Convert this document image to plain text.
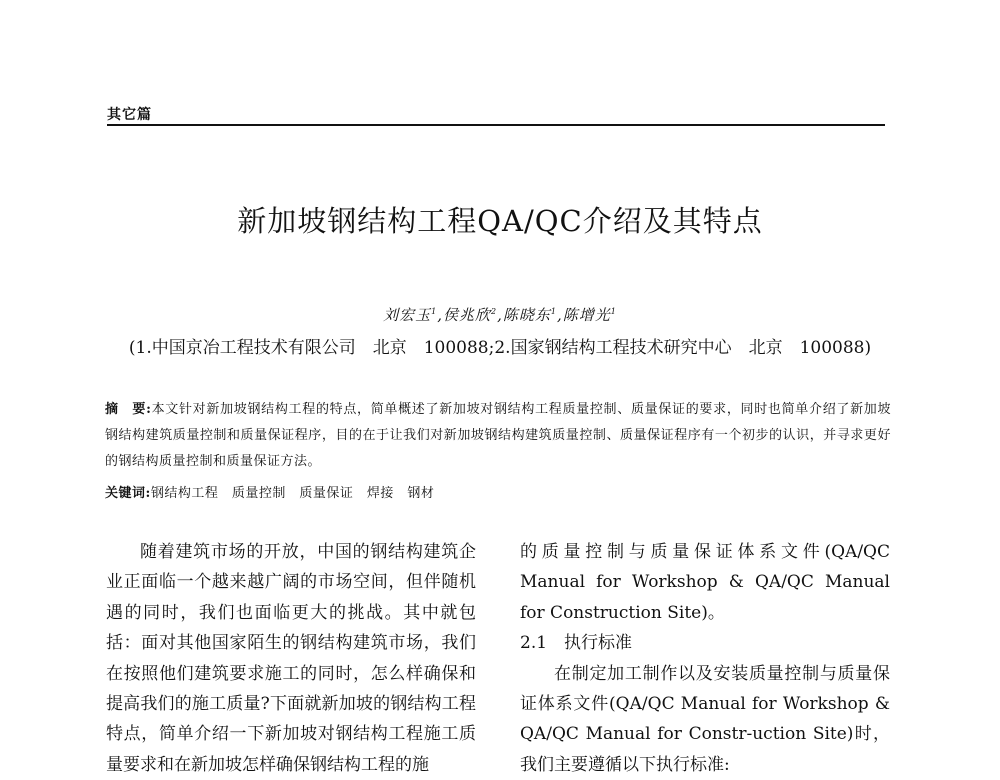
其它篇
新加坡钢结构工程QA/QC介绍及其特点
刘宏玉$^1$,侯兆欣$^2$,陈晓东$^1$,陈增光$^1$
(1.中国京冶工程技术有限公司　北京　100088;2.国家钢结构工程技术研究中心　北京　100088)
摘　要:本文针对新加坡钢结构工程的特点，简单概述了新加坡对钢结构工程质量控制、质量保证的要求，同时也简单介绍了新加坡钢结构建筑质量控制和质量保证程序，目的在于让我们对新加坡钢结构建筑质量控制、质量保证程序有一个初步的认识，并寻求更好的钢结构质量控制和质量保证方法。
关键词:钢结构工程　质量控制　质量保证　焊接　钢材

随着建筑市场的开放，中国的钢结构建筑企业正面临一个越来越广阔的市场空间，但伴随机遇的同时，我们也面临更大的挑战。其中就包括：面对其他国家陌生的钢结构建筑市场，我们在按照他们建筑要求施工的同时，怎么样确保和提高我们的施工质量?下面就新加坡的钢结构工程特点，简单介绍一下新加坡对钢结构工程施工质量要求和在新加坡怎样确保钢结构工程的施

的质量控制与质量保证体系文件(QA/QC Manual for Workshop & QA/QC Manual for Construction Site)。

2.1　执行标准

在制定加工制作以及安装质量控制与质量保证体系文件(QA/QC Manual for Workshop & QA/QC Manual for Constr-uction Site)时，我们主要遵循以下执行标准:
